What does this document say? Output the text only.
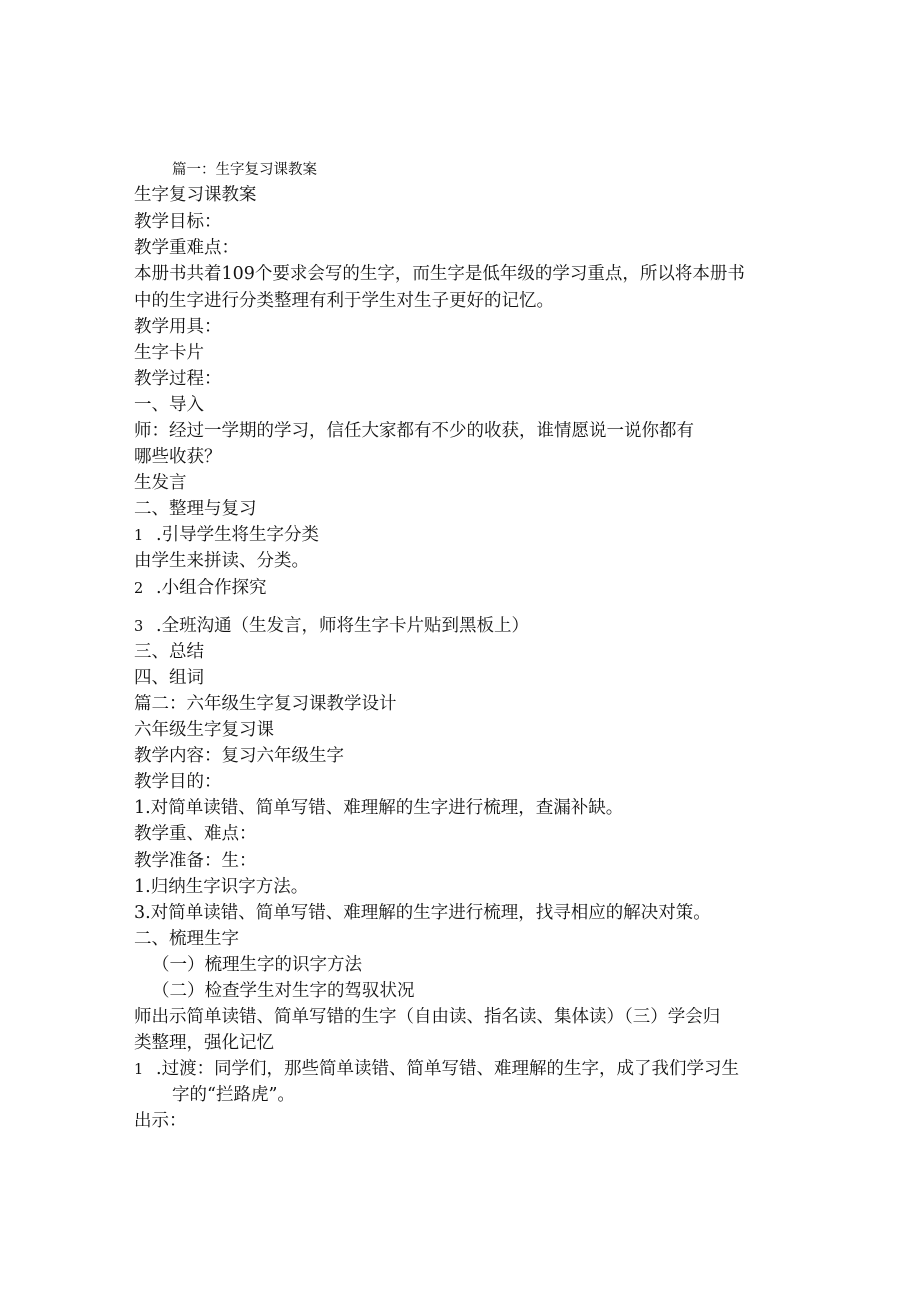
篇一：生字复习课教案
生字复习课教案
教学目标：
教学重难点：
本册书共着109个要求会写的生字，而生字是低年级的学习重点，所以将本册书
中的生字进行分类整理有利于学生对生子更好的记忆。
教学用具：
生字卡片
教学过程：
一、导入
师：经过一学期的学习，信任大家都有不少的收获，谁情愿说一说你都有
哪些收获？
生发言
二、整理与复习
1 .引导学生将生字分类
由学生来拼读、分类。
2 .小组合作探究
3 .全班沟通（生发言，师将生字卡片贴到黑板上）
三、总结
四、组词
篇二：六年级生字复习课教学设计
六年级生字复习课
教学内容：复习六年级生字
教学目的：
1.对简单读错、简单写错、难理解的生字进行梳理，查漏补缺。
教学重、难点：
教学准备：生：
1.归纳生字识字方法。
3.对简单读错、简单写错、难理解的生字进行梳理，找寻相应的解决对策。
二、梳理生字
（一）梳理生字的识字方法
（二）检查学生对生字的驾驭状况
师出示简单读错、简单写错的生字（自由读、指名读、集体读）（三）学会归
类整理，强化记忆
1 .过渡：同学们，那些简单读错、简单写错、难理解的生字，成了我们学习生
字的“拦路虎”。
出示：
